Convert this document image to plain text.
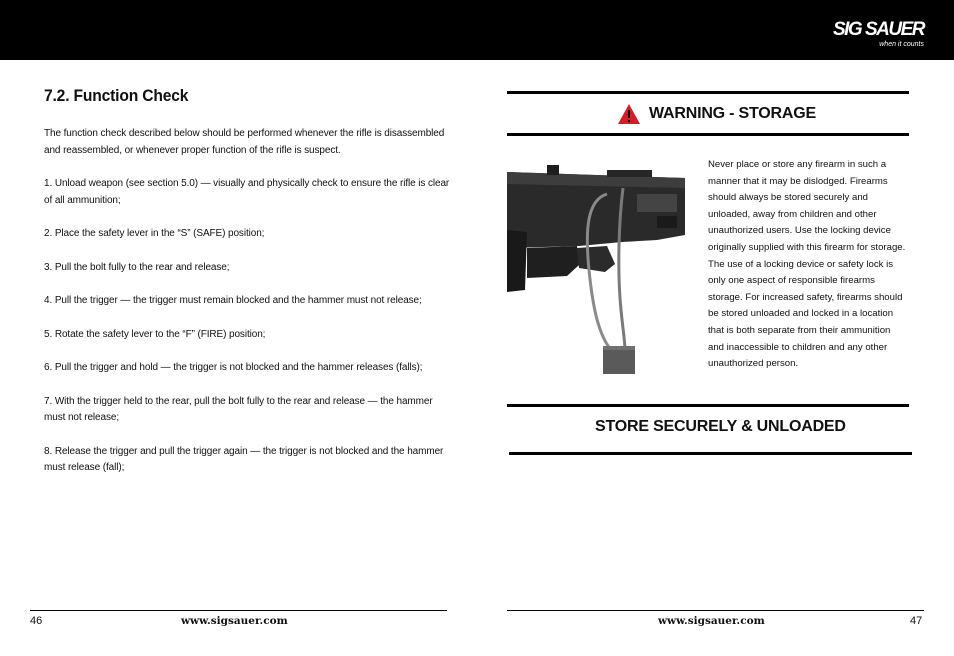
SIG SAUER
when it counts
7.2. Function Check

The function check described below should be performed whenever the rifle is disassembled and reassembled, or whenever proper function of the rifle is suspect.

1. Unload weapon (see section 5.0) — visually and physically check to ensure the rifle is clear of all ammunition;

2. Place the safety lever in the “S” (SAFE) position;

3. Pull the bolt fully to the rear and release;

4. Pull the trigger — the trigger must remain blocked and the hammer must not release;

5. Rotate the safety lever to the “F” (FIRE) position;

6. Pull the trigger and hold — the trigger is not blocked and the hammer releases (falls);

7. With the trigger held to the rear, pull the bolt fully to the rear and release — the hammer must not release;

8. Release the trigger and pull the trigger again — the trigger is not blocked and the hammer must release (fall);

WARNING - STORAGE

Never place or store any firearm in such a manner that it may be dislodged. Firearms should always be stored securely and unloaded, away from children and other unauthorized users. Use the locking device originally supplied with this firearm for storage. The use of a locking device or safety lock is only one aspect of responsible firearms storage. For increased safety, firearms should be stored unloaded and locked in a location that is both separate from their ammunition and inaccessible to children and any other unauthorized person.

STORE SECURELY & UNLOADED
46	www.sigsauer.com	www.sigsauer.com	47
